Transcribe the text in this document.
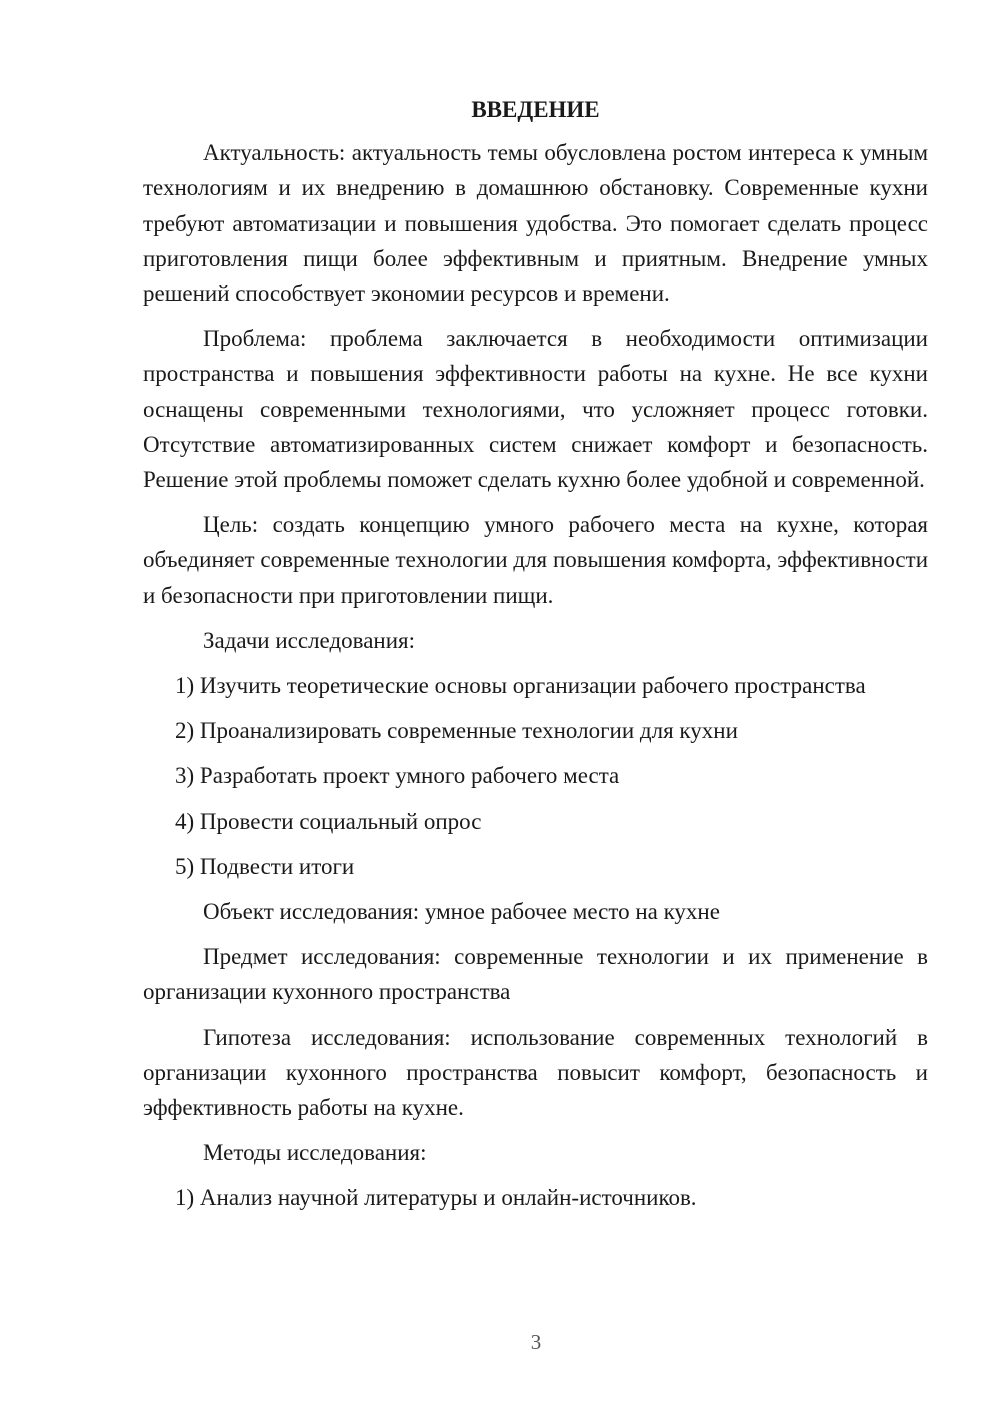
ВВЕДЕНИЕ

Актуальность: актуальность темы обусловлена ростом интереса к умным технологиям и их внедрению в домашнюю обстановку. Современные кухни требуют автоматизации и повышения удобства. Это помогает сделать процесс приготовления пищи более эффективным и приятным. Внедрение умных решений способствует экономии ресурсов и времени.

Проблема: проблема заключается в необходимости оптимизации пространства и повышения эффективности работы на кухне. Не все кухни оснащены современными технологиями, что усложняет процесс готовки. Отсутствие автоматизированных систем снижает комфорт и безопасность. Решение этой проблемы поможет сделать кухню более удобной и современной.

Цель: создать концепцию умного рабочего места на кухне, которая объединяет современные технологии для повышения комфорта, эффективности и безопасности при приготовлении пищи.

Задачи исследования:

1) Изучить теоретические основы организации рабочего пространства

2) Проанализировать современные технологии для кухни

3) Разработать проект умного рабочего места

4) Провести социальный опрос

5) Подвести итоги

Объект исследования: умное рабочее место на кухне

Предмет исследования: современные технологии и их применение в организации кухонного пространства

Гипотеза исследования: использование современных технологий в организации кухонного пространства повысит комфорт, безопасность и эффективность работы на кухне.

Методы исследования:

1) Анализ научной литературы и онлайн-источников.

3
